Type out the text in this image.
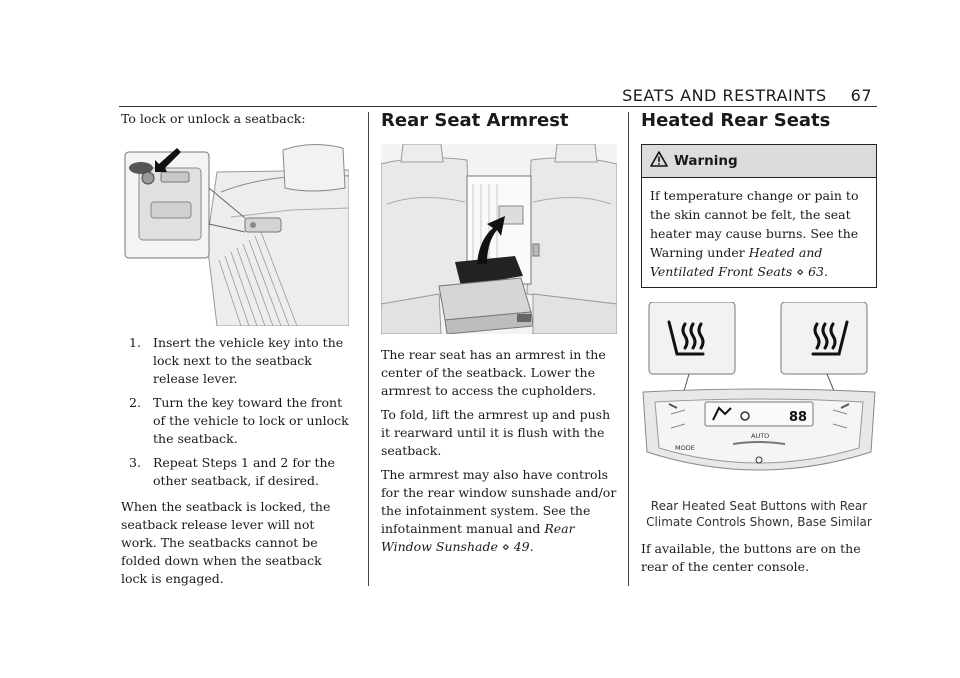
SEATS AND RESTRAINTS 67

To lock or unlock a seatback:

1. Insert the vehicle key into the lock next to the seatback release lever.
2. Turn the key toward the front of the vehicle to lock or unlock the seatback.
3. Repeat Steps 1 and 2 for the other seatback, if desired.

When the seatback is locked, the seatback release lever will not work. The seatbacks cannot be folded down when the seatback lock is engaged.

Rear Seat Armrest

The rear seat has an armrest in the center of the seatback. Lower the armrest to access the cupholders.

To fold, lift the armrest up and push it rearward until it is flush with the seatback.

The armrest may also have controls for the rear window sunshade and/or the infotainment system. See the infotainment manual and Rear Window Sunshade ⋄ 49.

Heated Rear Seats
Warning
If temperature change or pain to the skin cannot be felt, the seat heater may cause burns. See the Warning under Heated and Ventilated Front Seats ⋄ 63.
88
MODE
AUTO
Rear Heated Seat Buttons with Rear Climate Controls Shown, Base Similar

If available, the buttons are on the rear of the center console.
